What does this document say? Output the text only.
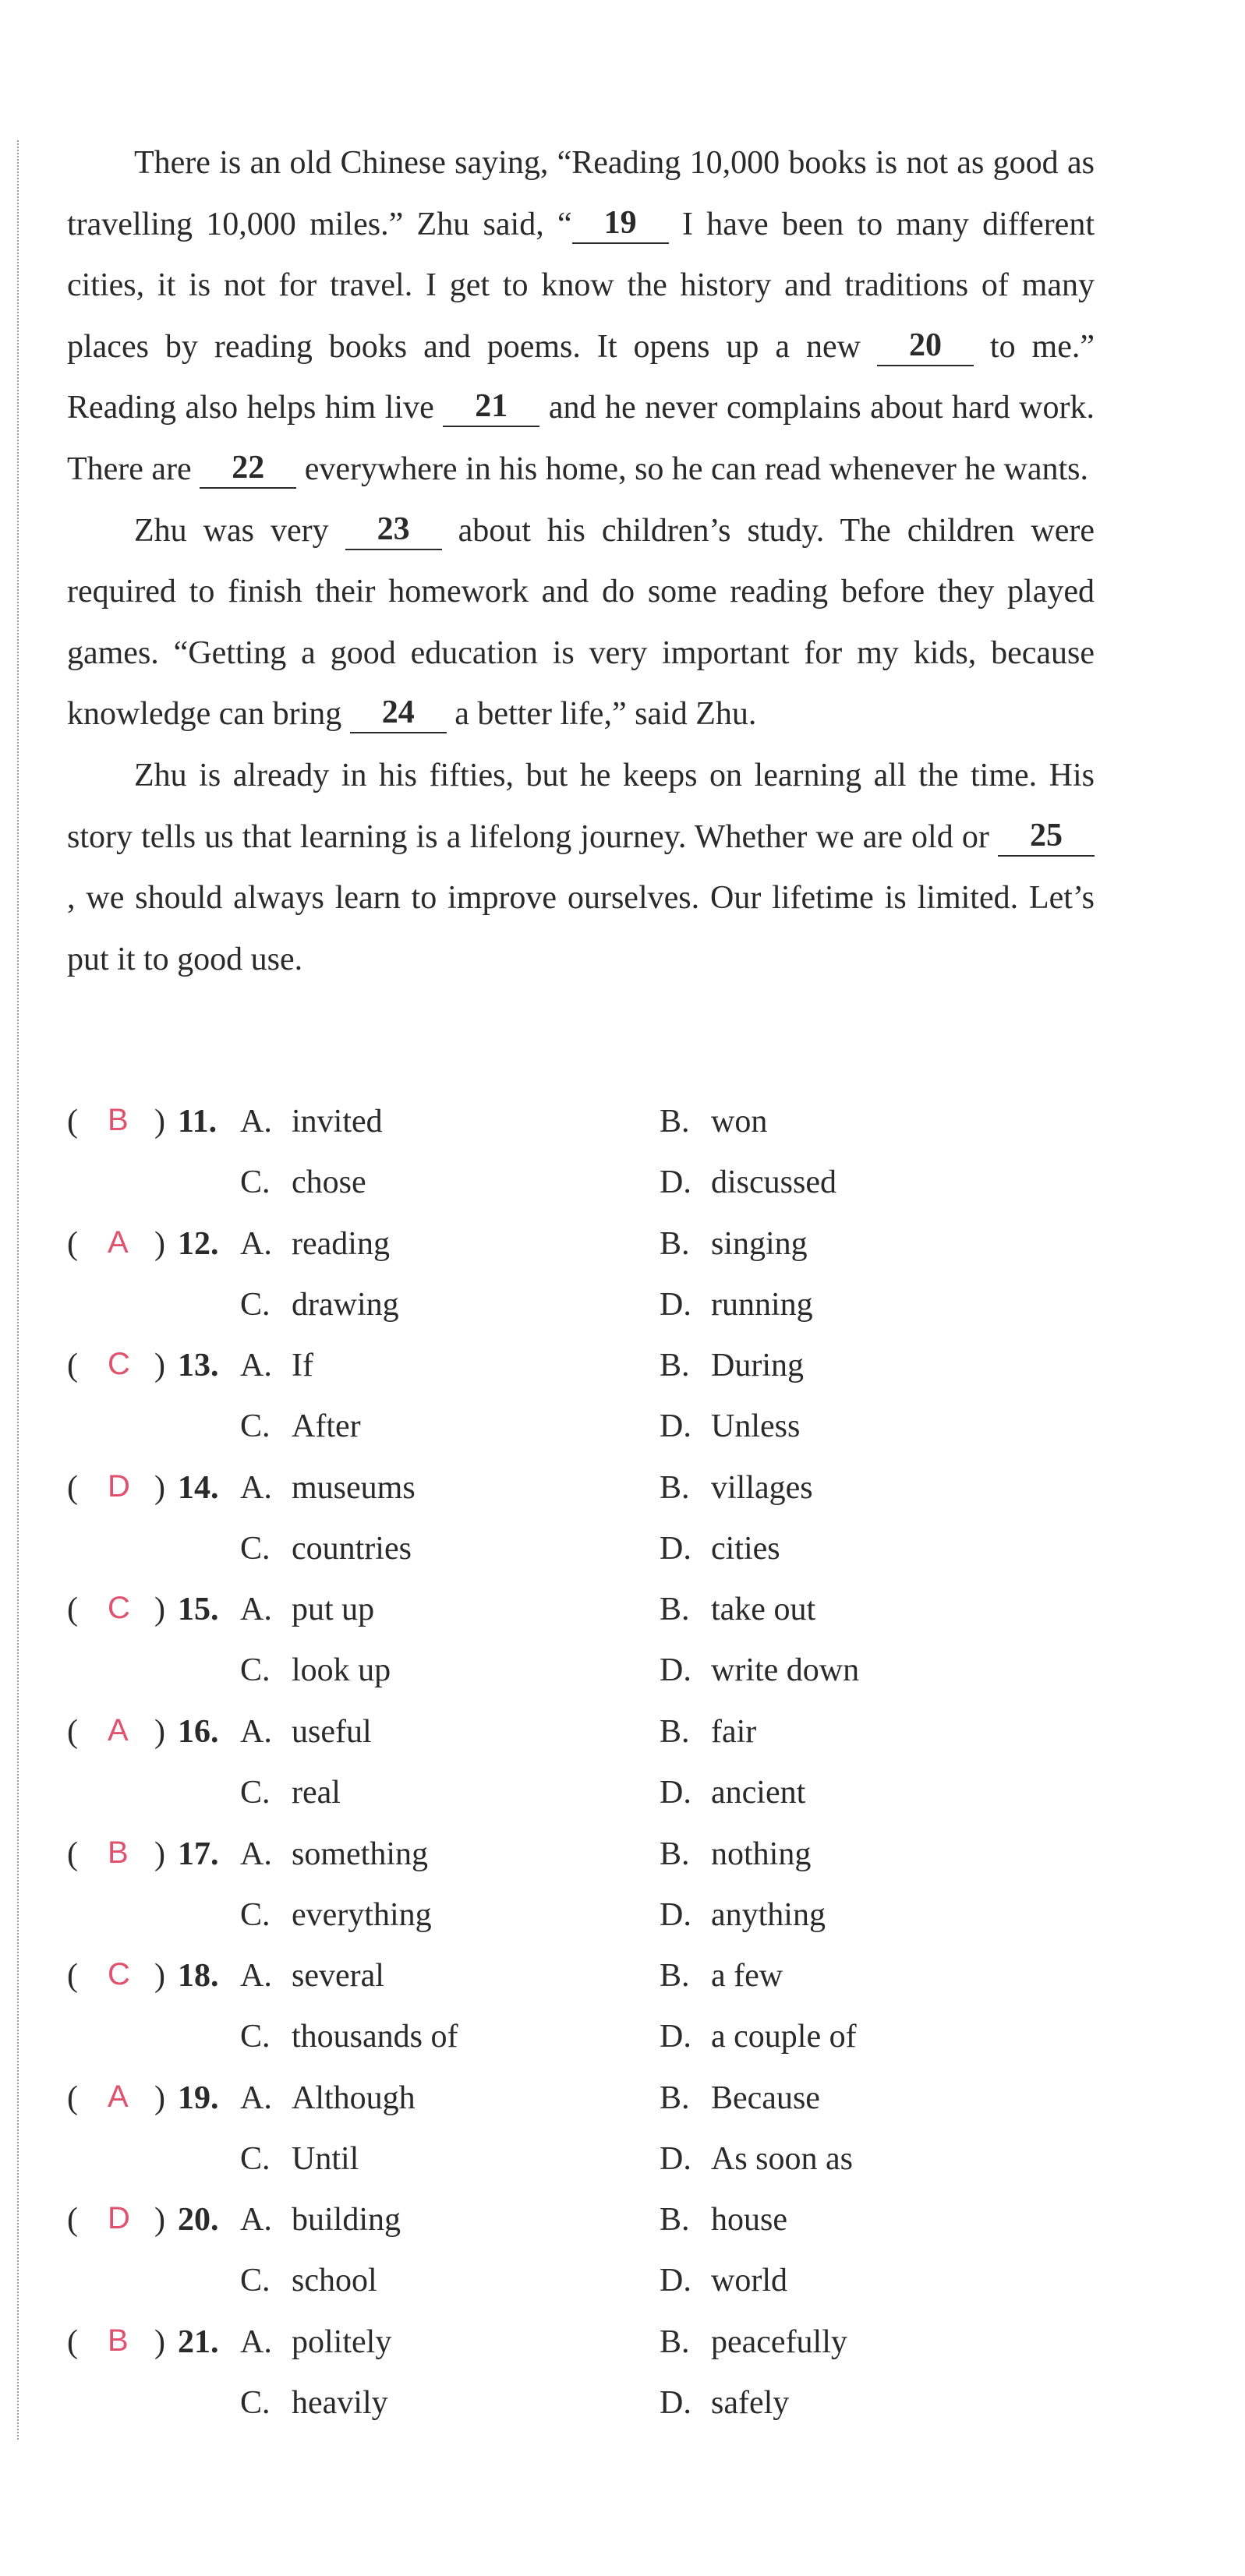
There is an old Chinese saying, “Reading 10,000 books is not as good as travelling 10,000 miles.” Zhu said, “ 19 I have been to many different cities, it is not for travel. I get to know the history and traditions of many places by reading books and poems. It opens up a new 20 to me.” Reading also helps him live 21 and he never complains about hard work. There are 22 everywhere in his home, so he can read whenever he wants.

Zhu was very 23 about his children’s study. The children were required to finish their homework and do some reading before they played games. “Getting a good education is very important for my kids, because knowledge can bring 24 a better life,” said Zhu.

Zhu is already in his fifties, but he keeps on learning all the time. His story tells us that learning is a lifelong journey. Whether we are old or 25, we should always learn to improve ourselves. Our lifetime is limited. Let’s put it to good use.

( B ) 11. A. invited	B. won
C. chose	D. discussed
( A ) 12. A. reading	B. singing
C. drawing	D. running
( C ) 13. A. If	B. During
C. After	D. Unless
( D ) 14. A. museums	B. villages
C. countries	D. cities
( C ) 15. A. put up	B. take out
C. look up	D. write down
( A ) 16. A. useful	B. fair
C. real	D. ancient
( B ) 17. A. something	B. nothing
C. everything	D. anything
( C ) 18. A. several	B. a few
C. thousands of	D. a couple of
( A ) 19. A. Although	B. Because
C. Until	D. As soon as
( D ) 20. A. building	B. house
C. school	D. world
( B ) 21. A. politely	B. peacefully
C. heavily	D. safely
